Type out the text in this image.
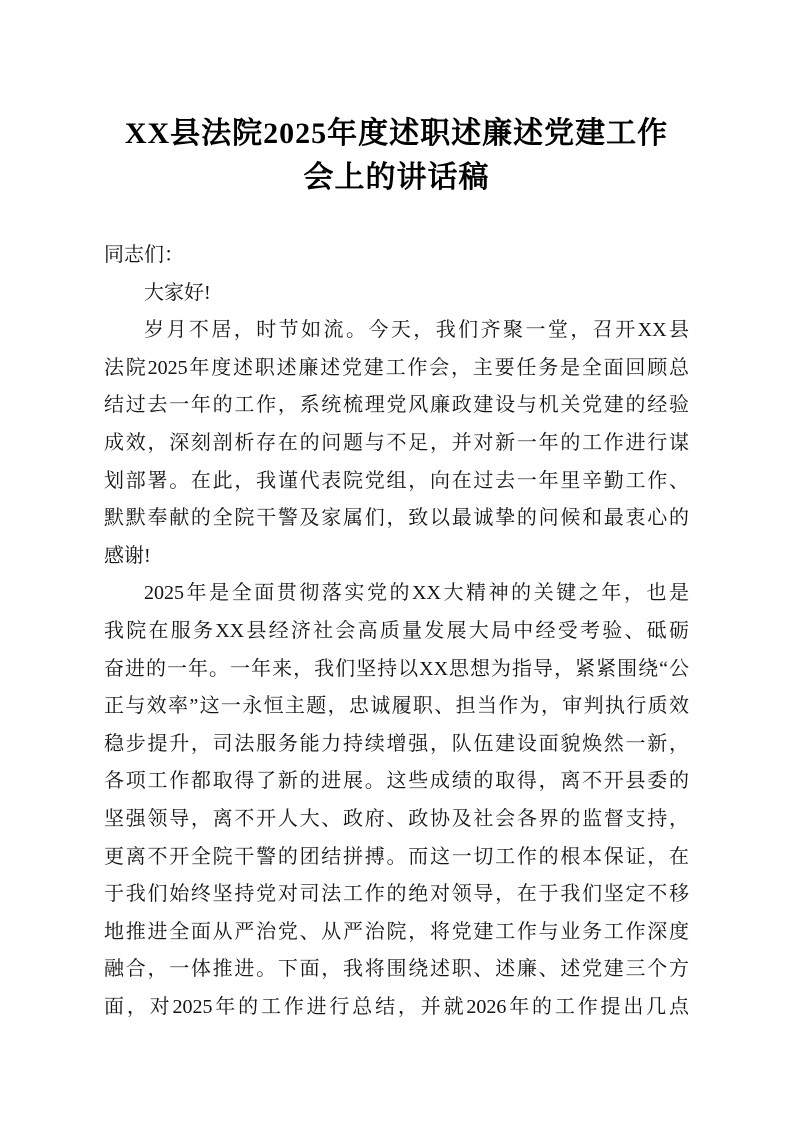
XX县法院2025年度述职述廉述党建工作
会上的讲话稿
同志们：
大家好!
岁月不居，时节如流。今天，我们齐聚一堂，召开XX县
法院2025年度述职述廉述党建工作会，主要任务是全面回顾总
结过去一年的工作，系统梳理党风廉政建设与机关党建的经验
成效，深刻剖析存在的问题与不足，并对新一年的工作进行谋
划部署。在此，我谨代表院党组，向在过去一年里辛勤工作、
默默奉献的全院干警及家属们，致以最诚挚的问候和最衷心的
感谢!
2025年是全面贯彻落实党的XX大精神的关键之年，也是
我院在服务XX县经济社会高质量发展大局中经受考验、砥砺
奋进的一年。一年来，我们坚持以XX思想为指导，紧紧围绕“公
正与效率”这一永恒主题，忠诚履职、担当作为，审判执行质效
稳步提升，司法服务能力持续增强，队伍建设面貌焕然一新，
各项工作都取得了新的进展。这些成绩的取得，离不开县委的
坚强领导，离不开人大、政府、政协及社会各界的监督支持，
更离不开全院干警的团结拼搏。而这一切工作的根本保证，在
于我们始终坚持党对司法工作的绝对领导，在于我们坚定不移
地推进全面从严治党、从严治院，将党建工作与业务工作深度
融合，一体推进。下面，我将围绕述职、述廉、述党建三个方
面，对2025年的工作进行总结，并就2026年的工作提出几点
